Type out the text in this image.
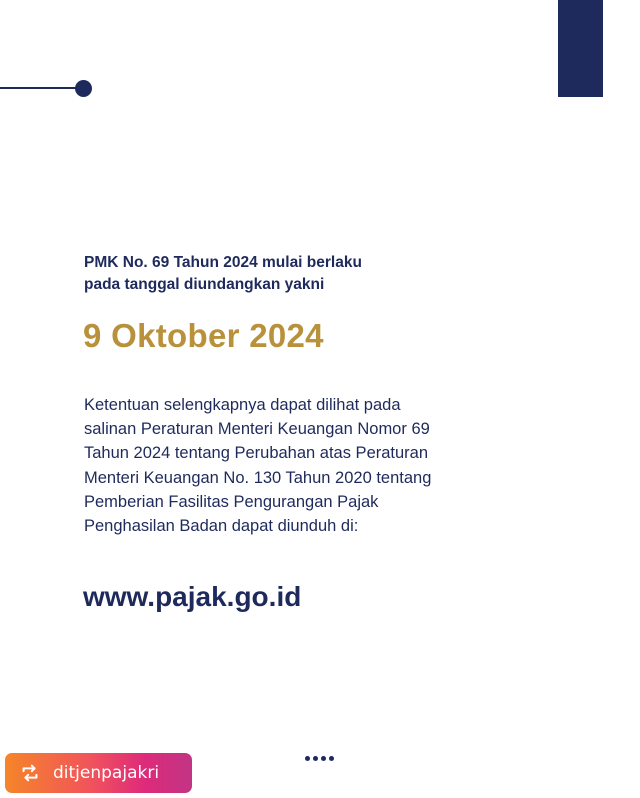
PMK No. 69 Tahun 2024 mulai berlaku
pada tanggal diundangkan yakni
9 Oktober 2024
Ketentuan selengkapnya dapat dilihat pada
salinan Peraturan Menteri Keuangan Nomor 69
Tahun 2024 tentang Perubahan atas Peraturan
Menteri Keuangan No. 130 Tahun 2020 tentang
Pemberian Fasilitas Pengurangan Pajak
Penghasilan Badan dapat diunduh di:
www.pajak.go.id
ditjenpajakri
